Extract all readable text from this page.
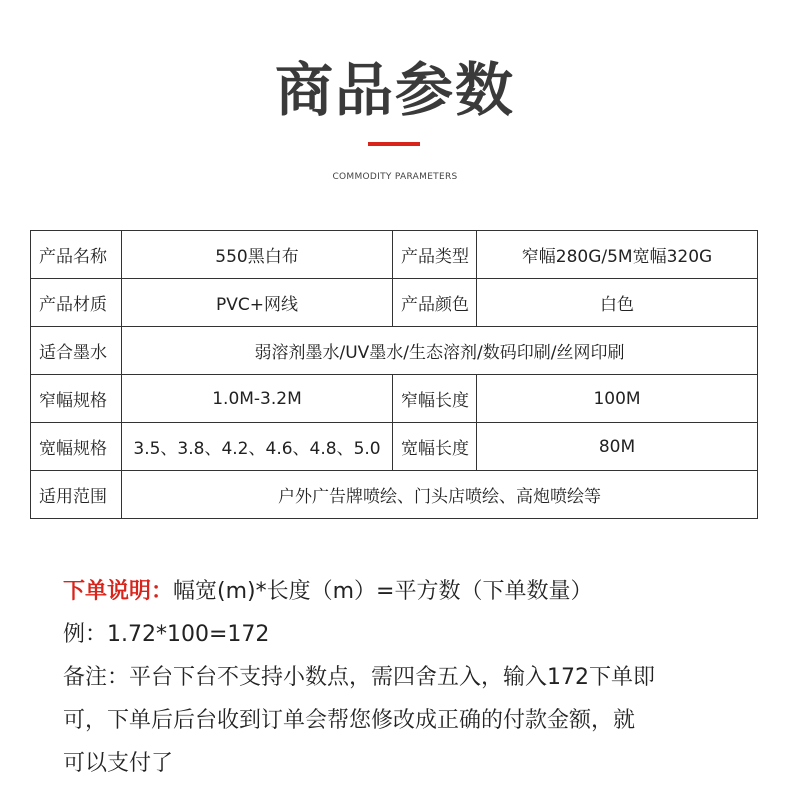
商品参数
COMMODITY PARAMETERS
产品名称	550黑白布	产品类型	窄幅280G/5M宽幅320G
产品材质	PVC+网线	产品颜色	白色
适合墨水	弱溶剂墨水/UV墨水/生态溶剂/数码印刷/丝网印刷		
窄幅规格	1.0M-3.2M	窄幅长度	100M
宽幅规格	3.5、3.8、4.2、4.6、4.8、5.0	宽幅长度	80M
适用范围	户外广告牌喷绘、门头店喷绘、高炮喷绘等		

下单说明：幅宽(m)*长度（m）=平方数（下单数量）

例：1.72*100=172

备注：平台下台不支持小数点，需四舍五入，输入172下单即

可，下单后后台收到订单会帮您修改成正确的付款金额，就

可以支付了
